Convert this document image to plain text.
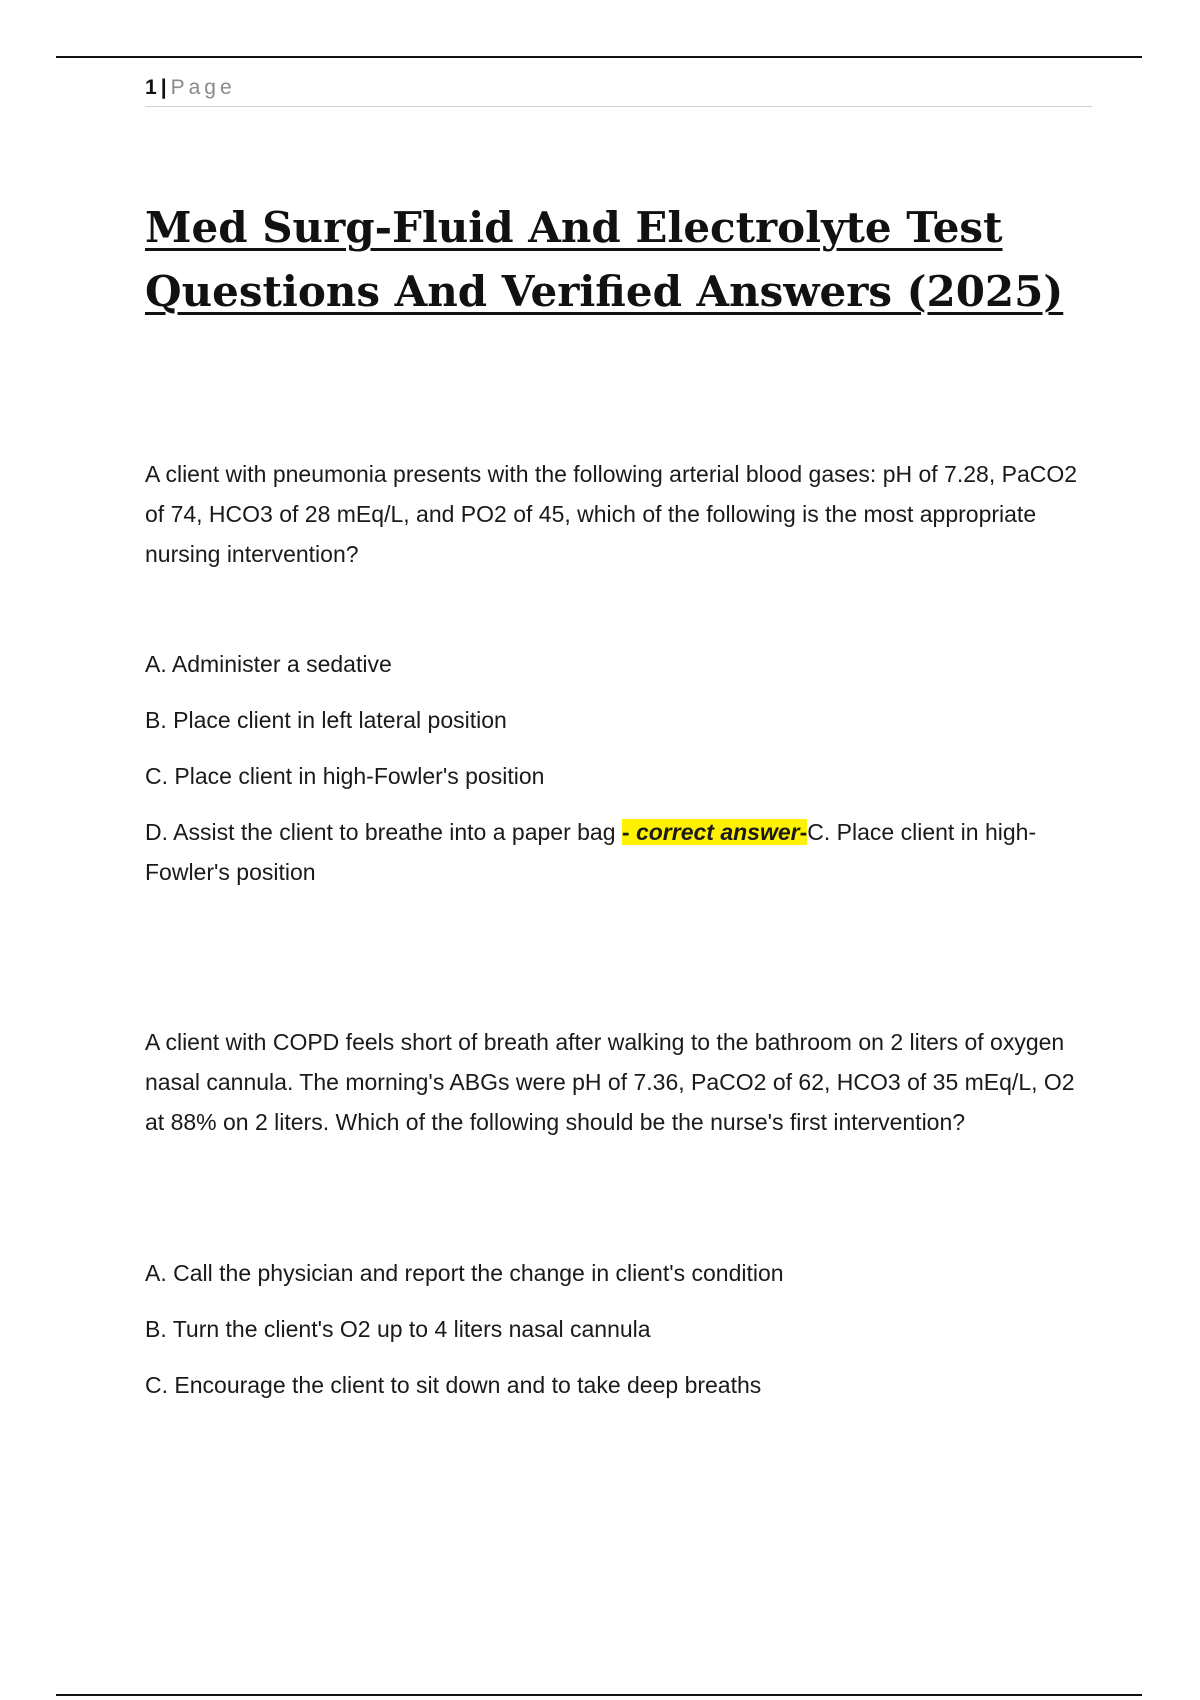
1 | Page
Med Surg-Fluid And Electrolyte Test
Questions And Verified Answers (2025)

A client with pneumonia presents with the following arterial blood gases: pH of 7.28, PaCO2 of 74, HCO3 of 28 mEq/L, and PO2 of 45, which of the following is the most appropriate nursing intervention?

A. Administer a sedative

B. Place client in left lateral position

C. Place client in high-Fowler's position

D. Assist the client to breathe into a paper bag - correct answer-C. Place client in high-Fowler's position

A client with COPD feels short of breath after walking to the bathroom on 2 liters of oxygen nasal cannula. The morning's ABGs were pH of 7.36, PaCO2 of 62, HCO3 of 35 mEq/L, O2 at 88% on 2 liters. Which of the following should be the nurse's first intervention?

A. Call the physician and report the change in client's condition

B. Turn the client's O2 up to 4 liters nasal cannula

C. Encourage the client to sit down and to take deep breaths
